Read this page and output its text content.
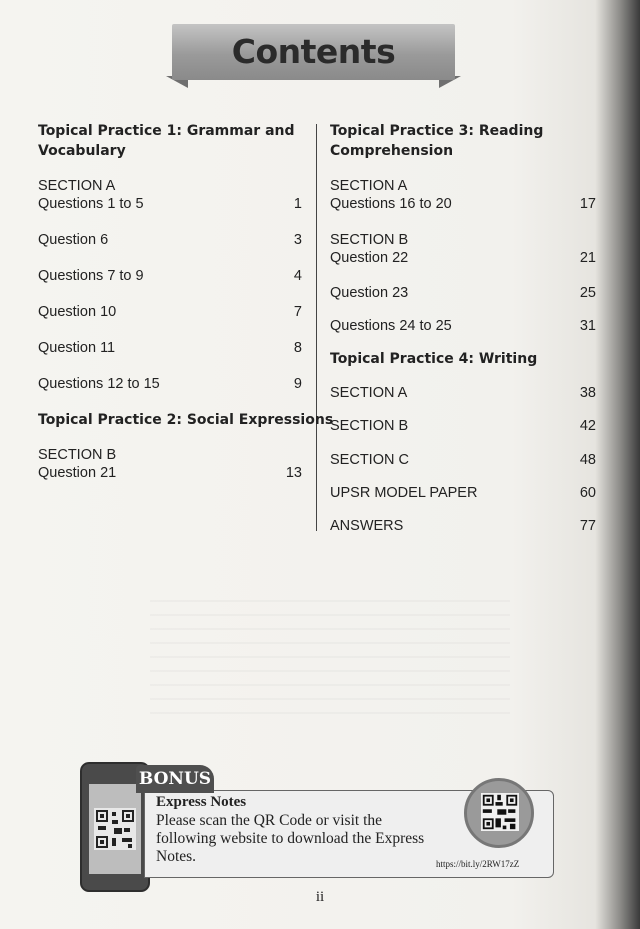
Contents
Topical Practice 1: Grammar and
Vocabulary
SECTION A
Questions 1 to 5	1
Question 6	3
Questions 7 to 9	4
Question 10	7
Question 11	8
Questions 12 to 15	9
Topical Practice 2: Social Expressions
SECTION B
Question 21	13
Topical Practice 3: Reading
Comprehension
SECTION A
Questions 16 to 20	17
SECTION B
Question 22	21
Question 23	25
Questions 24 to 25	31
Topical Practice 4: Writing
SECTION A	38
SECTION B	42
SECTION C	48
UPSR MODEL PAPER	60
ANSWERS	77
BONUS
Express Notes
Please scan the QR Code or visit the following website to download the Express Notes.	https://bit.ly/2RW17zZ
ii
